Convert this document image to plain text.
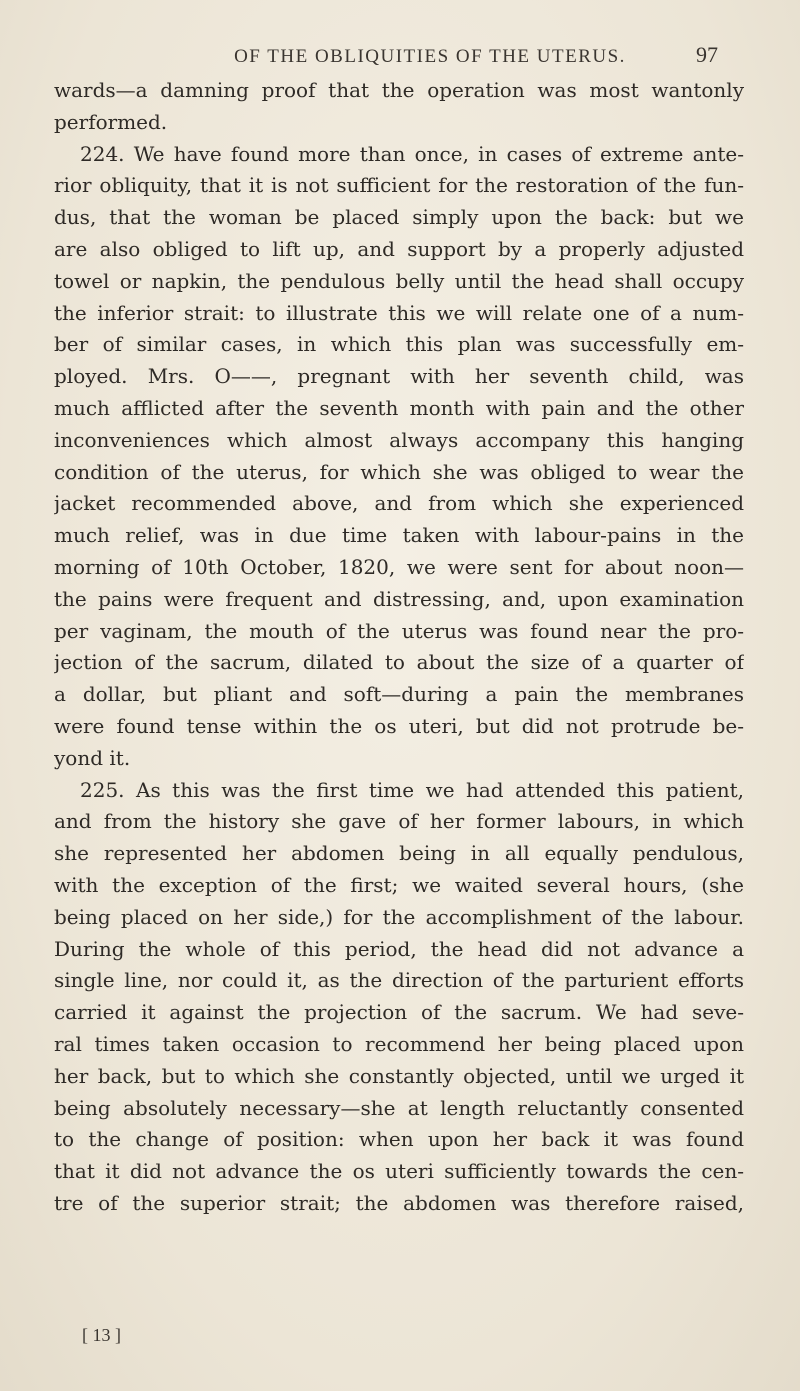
OF THE OBLIQUITIES OF THE UTERUS.	97
wards—a damning proof that the operation was most wantonly
performed.
224. We have found more than once, in cases of extreme ante-
rior obliquity, that it is not sufficient for the restoration of the fun-
dus, that the woman be placed simply upon the back: but we
are also obliged to lift up, and support by a properly adjusted
towel or napkin, the pendulous belly until the head shall occupy
the inferior strait: to illustrate this we will relate one of a num-
ber of similar cases, in which this plan was successfully em-
ployed. Mrs. O——, pregnant with her seventh child, was
much afflicted after the seventh month with pain and the other
inconveniences which almost always accompany this hanging
condition of the uterus, for which she was obliged to wear the
jacket recommended above, and from which she experienced
much relief, was in due time taken with labour-pains in the
morning of 10th October, 1820, we were sent for about noon—
the pains were frequent and distressing, and, upon examination
per vaginam, the mouth of the uterus was found near the pro-
jection of the sacrum, dilated to about the size of a quarter of
a dollar, but pliant and soft—during a pain the membranes
were found tense within the os uteri, but did not protrude be-
yond it.
225. As this was the first time we had attended this patient,
and from the history she gave of her former labours, in which
she represented her abdomen being in all equally pendulous,
with the exception of the first; we waited several hours, (she
being placed on her side,) for the accomplishment of the labour.
During the whole of this period, the head did not advance a
single line, nor could it, as the direction of the parturient efforts
carried it against the projection of the sacrum. We had seve-
ral times taken occasion to recommend her being placed upon
her back, but to which she constantly objected, until we urged it
being absolutely necessary—she at length reluctantly consented
to the change of position: when upon her back it was found
that it did not advance the os uteri sufficiently towards the cen-
tre of the superior strait; the abdomen was therefore raised,
[ 13 ]
